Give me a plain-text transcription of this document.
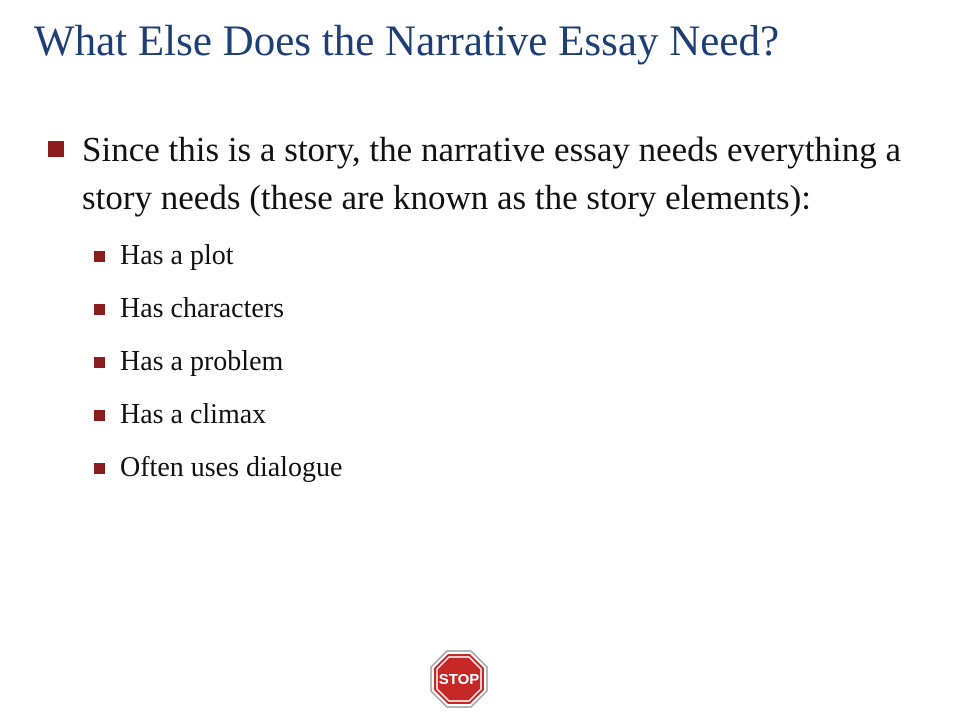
What Else Does the Narrative Essay Need?
Since this is a story, the narrative essay needs everything a story needs (these are known as the story elements):
Has a plot
Has characters
Has a problem
Has a climax
Often uses dialogue
STOP
